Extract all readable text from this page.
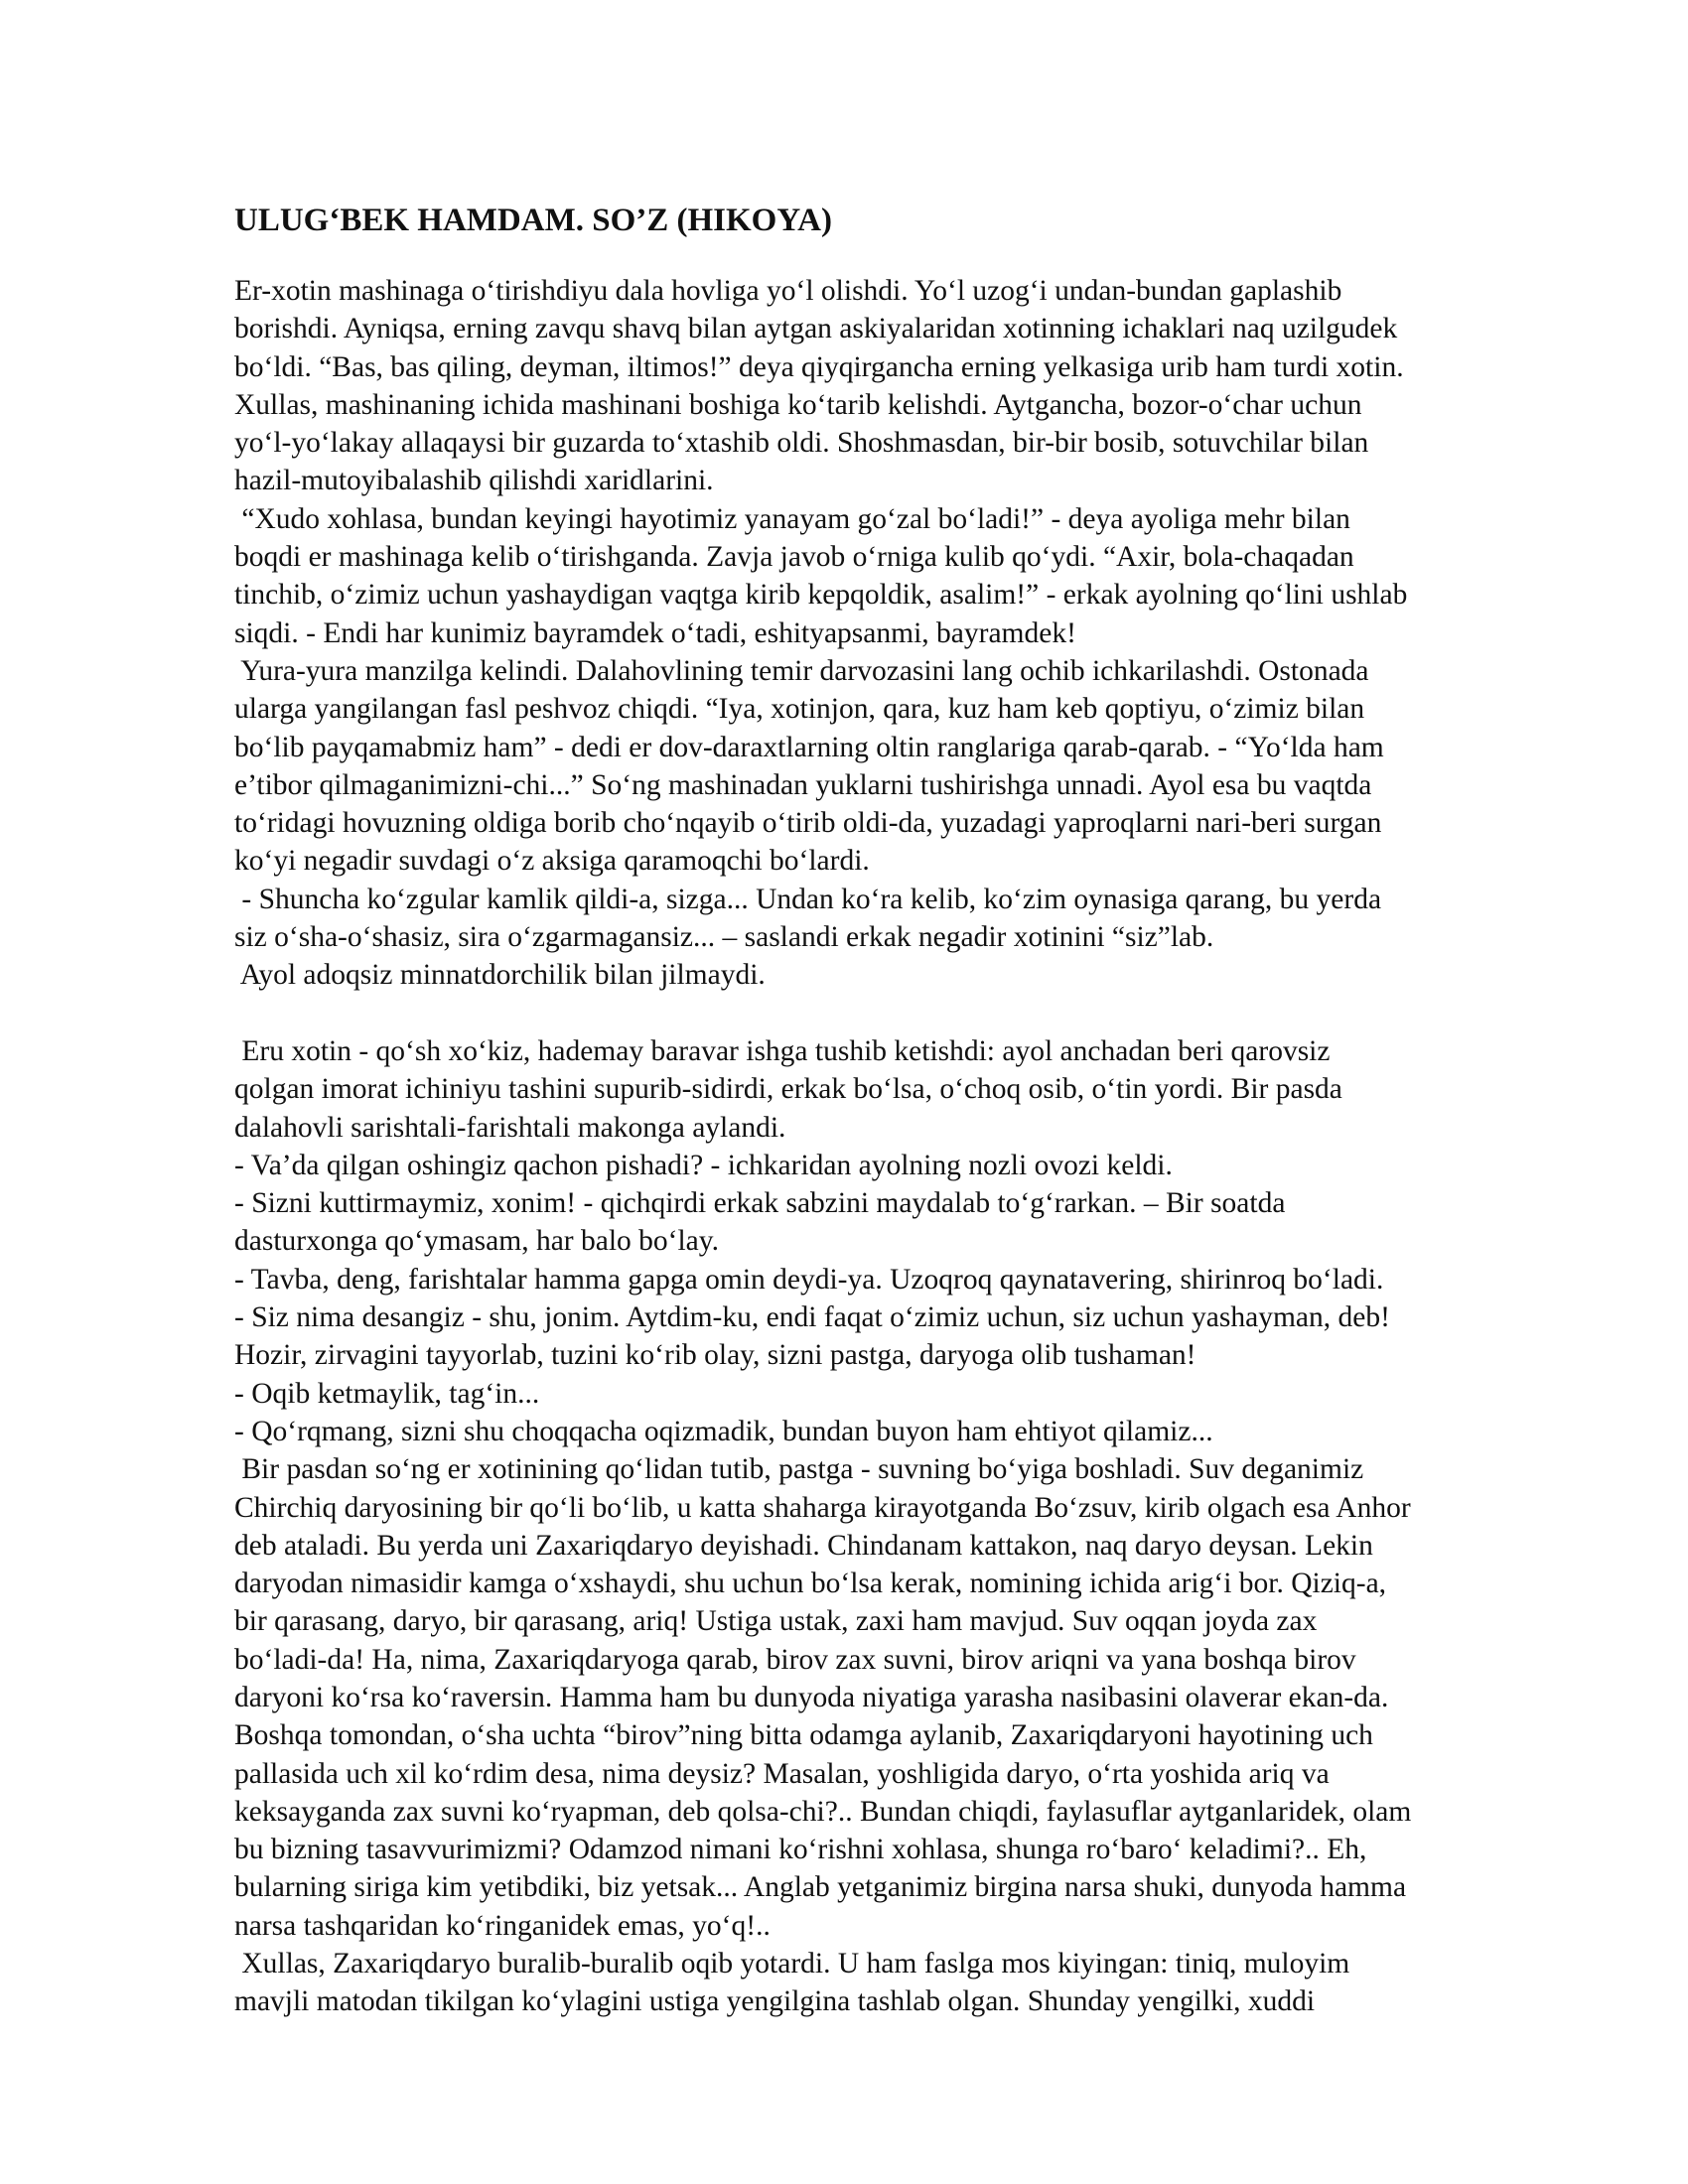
ULUG‘BEK HAMDAM. SO’Z (HIKOYA)
Er-xotin mashinaga o‘tirishdiyu dala hovliga yo‘l olishdi. Yo‘l uzog‘i undan-bundan gaplashib
borishdi. Ayniqsa, erning zavqu shavq bilan aytgan askiyalaridan xotinning ichaklari naq uzilgudek
bo‘ldi. “Bas, bas qiling, deyman, iltimos!” deya qiyqirgancha erning yelkasiga urib ham turdi xotin.
Xullas, mashinaning ichida mashinani boshiga ko‘tarib kelishdi. Aytgancha, bozor-o‘char uchun
yo‘l-yo‘lakay allaqaysi bir guzarda to‘xtashib oldi. Shoshmasdan, bir-bir bosib, sotuvchilar bilan
hazil-mutoyibalashib qilishdi xaridlarini.
“Xudo xohlasa, bundan keyingi hayotimiz yanayam go‘zal bo‘ladi!” - deya ayoliga mehr bilan
boqdi er mashinaga kelib o‘tirishganda. Zavja javob o‘rniga kulib qo‘ydi. “Axir, bola-chaqadan
tinchib, o‘zimiz uchun yashaydigan vaqtga kirib kepqoldik, asalim!” - erkak ayolning qo‘lini ushlab
siqdi. - Endi har kunimiz bayramdek o‘tadi, eshityapsanmi, bayramdek!
Yura-yura manzilga kelindi. Dalahovlining temir darvozasini lang ochib ichkarilashdi. Ostonada
ularga yangilangan fasl peshvoz chiqdi. “Iya, xotinjon, qara, kuz ham keb qoptiyu, o‘zimiz bilan
bo‘lib payqamabmiz ham” - dedi er dov-daraxtlarning oltin ranglariga qarab-qarab. - “Yo‘lda ham
e’tibor qilmaganimizni-chi...” So‘ng mashinadan yuklarni tushirishga unnadi. Ayol esa bu vaqtda
to‘ridagi hovuzning oldiga borib cho‘nqayib o‘tirib oldi-da, yuzadagi yaproqlarni nari-beri surgan
ko‘yi negadir suvdagi o‘z aksiga qaramoqchi bo‘lardi.
- Shuncha ko‘zgular kamlik qildi-a, sizga... Undan ko‘ra kelib, ko‘zim oynasiga qarang, bu yerda
siz o‘sha-o‘shasiz, sira o‘zgarmagansiz... – saslandi erkak negadir xotinini “siz”lab.
Ayol adoqsiz minnatdorchilik bilan jilmaydi.
Eru xotin - qo‘sh xo‘kiz, hademay baravar ishga tushib ketishdi: ayol anchadan beri qarovsiz
qolgan imorat ichiniyu tashini supurib-sidirdi, erkak bo‘lsa, o‘choq osib, o‘tin yordi. Bir pasda
dalahovli sarishtali-farishtali makonga aylandi.
- Va’da qilgan oshingiz qachon pishadi? - ichkaridan ayolning nozli ovozi keldi.
- Sizni kuttirmaymiz, xonim! - qichqirdi erkak sabzini maydalab to‘g‘rarkan. – Bir soatda
dasturxonga qo‘ymasam, har balo bo‘lay.
- Tavba, deng, farishtalar hamma gapga omin deydi-ya. Uzoqroq qaynatavering, shirinroq bo‘ladi.
- Siz nima desangiz - shu, jonim. Aytdim-ku, endi faqat o‘zimiz uchun, siz uchun yashayman, deb!
Hozir, zirvagini tayyorlab, tuzini ko‘rib olay, sizni pastga, daryoga olib tushaman!
- Oqib ketmaylik, tag‘in...
- Qo‘rqmang, sizni shu choqqacha oqizmadik, bundan buyon ham ehtiyot qilamiz...
Bir pasdan so‘ng er xotinining qo‘lidan tutib, pastga - suvning bo‘yiga boshladi. Suv deganimiz
Chirchiq daryosining bir qo‘li bo‘lib, u katta shaharga kirayotganda Bo‘zsuv, kirib olgach esa Anhor
deb ataladi. Bu yerda uni Zaxariqdaryo deyishadi. Chindanam kattakon, naq daryo deysan. Lekin
daryodan nimasidir kamga o‘xshaydi, shu uchun bo‘lsa kerak, nomining ichida arig‘i bor. Qiziq-a,
bir qarasang, daryo, bir qarasang, ariq! Ustiga ustak, zaxi ham mavjud. Suv oqqan joyda zax
bo‘ladi-da! Ha, nima, Zaxariqdaryoga qarab, birov zax suvni, birov ariqni va yana boshqa birov
daryoni ko‘rsa ko‘raversin. Hamma ham bu dunyoda niyatiga yarasha nasibasini olaverar ekan-da.
Boshqa tomondan, o‘sha uchta “birov”ning bitta odamga aylanib, Zaxariqdaryoni hayotining uch
pallasida uch xil ko‘rdim desa, nima deysiz? Masalan, yoshligida daryo, o‘rta yoshida ariq va
keksayganda zax suvni ko‘ryapman, deb qolsa-chi?.. Bundan chiqdi, faylasuflar aytganlaridek, olam
bu bizning tasavvurimizmi? Odamzod nimani ko‘rishni xohlasa, shunga ro‘baro‘ keladimi?.. Eh,
bularning siriga kim yetibdiki, biz yetsak... Anglab yetganimiz birgina narsa shuki, dunyoda hamma
narsa tashqaridan ko‘ringanidek emas, yo‘q!..
Xullas, Zaxariqdaryo buralib-buralib oqib yotardi. U ham faslga mos kiyingan: tiniq, muloyim
mavjli matodan tikilgan ko‘ylagini ustiga yengilgina tashlab olgan. Shunday yengilki, xuddi
